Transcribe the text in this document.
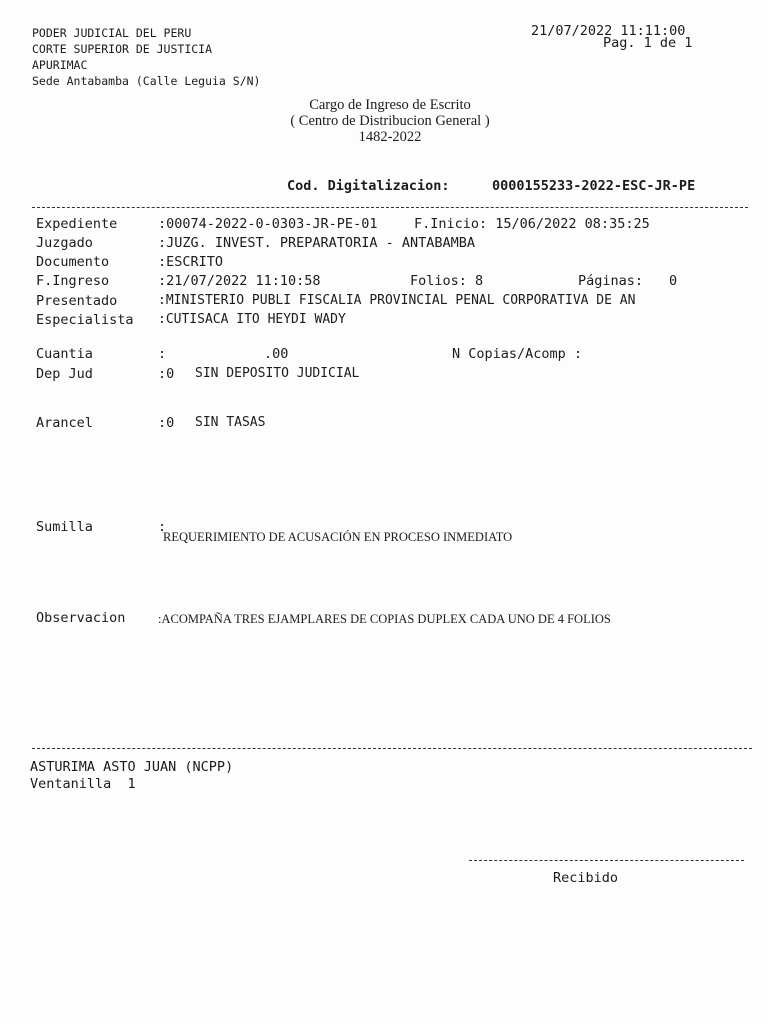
PODER JUDICIAL DEL PERU
CORTE SUPERIOR DE JUSTICIA
APURIMAC
Sede Antabamba (Calle Leguia S/N)
21/07/2022 11:11:00
Pag. 1 de 1
Cargo de Ingreso de Escrito
( Centro de Distribucion General )
1482-2022
Cod. Digitalizacion:	0000155233-2022-ESC-JR-PE
Expediente	:00074-2022-0-0303-JR-PE-01	F.Inicio: 15/06/2022 08:35:25
Juzgado	:JUZG. INVEST. PREPARATORIA - ANTABAMBA
Documento	:ESCRITO
F.Ingreso	:21/07/2022 11:10:58	Folios: 8	Páginas: 0
Presentado	:MINISTERIO PUBLI FISCALIA PROVINCIAL PENAL CORPORATIVA DE AN
Especialista :CUTISACA ITO HEYDI WADY
Cuantia	:	.00	N Copias/Acomp :
Dep Jud	:0 SIN DEPOSITO JUDICIAL
Arancel	:0 SIN TASAS
Sumilla	:
REQUERIMIENTO DE ACUSACIÓN EN PROCESO INMEDIATO
Observacion	:ACOMPAÑA TRES EJAMPLARES DE COPIAS DUPLEX CADA UNO DE 4 FOLIOS
ASTURIMA ASTO JUAN (NCPP)
Ventanilla  1
Recibido
